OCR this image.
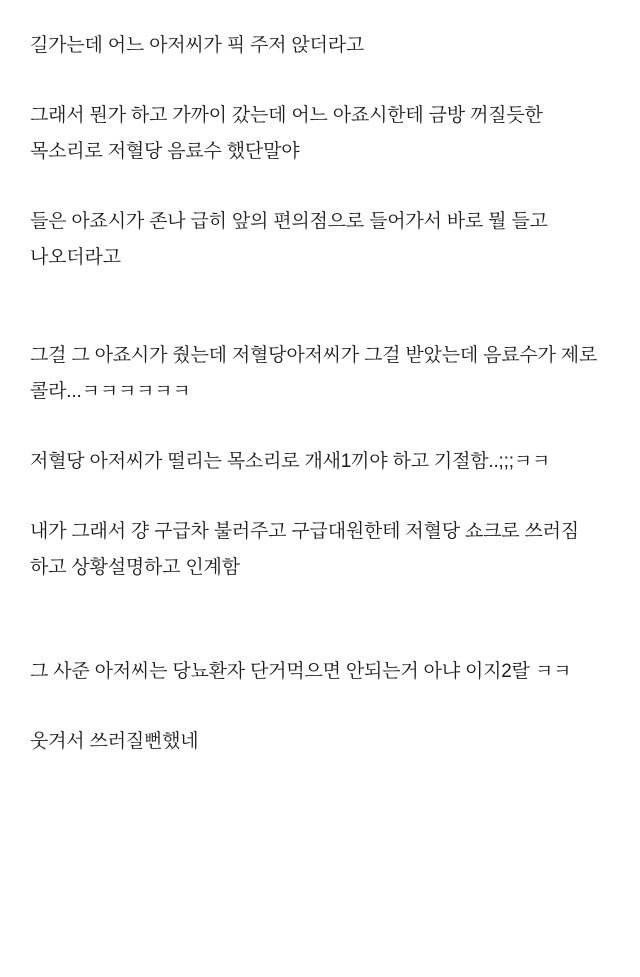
길가는데 어느 아저씨가 픽 주저 앉더라고
그래서 뭔가 하고 가까이 갔는데 어느 아죠시한테 금방 꺼질듯한 목소리로 저혈당 음료수 했단말야
들은 아죠시가 존나 급히 앞의 편의점으로 들어가서 바로 뭘 들고 나오더라고
그걸 그 아죠시가 줬는데 저혈당아저씨가 그걸 받았는데 음료수가 제로 콜라...ㅋㅋㅋㅋㅋㅋ
저혈당 아저씨가 떨리는 목소리로 개새1끼야 하고 기절함..;;;ㅋㅋ
내가 그래서 걍 구급차 불러주고 구급대원한테 저혈당 쇼크로 쓰러짐 하고 상황설명하고 인계함
그 사준 아저씨는 당뇨환자 단거먹으면 안되는거 아냐 이지2랄 ㅋㅋ
웃겨서 쓰러질뻔했네
